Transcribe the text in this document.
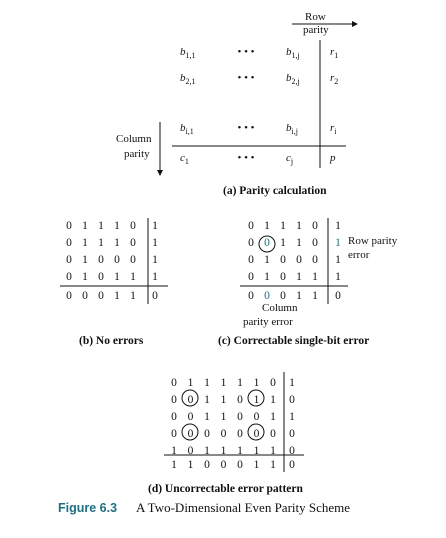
Row
parity
Column
parity
$b_{1,1}$	• • •	$b_{1,j}$	$r_1$
$b_{2,1}$	• • •	$b_{2,j}$	$r_2$
$b_{i,1}$	• • •	$b_{i,j}$	$r_i$
$c_1$	• • •	$c_j$	p
(a) Parity calculation
0 1 1 1 0 1
0 1 1 1 0 1
0 1 0 0 0 1
0 1 0 1 1 1
0 0 0 1 1 0
(b) No errors
0 1 1 1 0 1
0 0 1 1 0 1
0 1 0 0 0 1
0 1 0 1 1 1
0 0 0 1 1 0
Row parity
error
Column
parity error
(c) Correctable single-bit error
0 1 1 1 1 1 0 1
0 0 1 1 0 1 1 0
0 0 1 1 0 0 1 1
0 0 0 0 0 0 0 0
1 0 1 1 1 1 1 0
1 1 0 0 0 1 1 0
(d) Uncorrectable error pattern
Figure 6.3 A Two-Dimensional Even Parity Scheme
